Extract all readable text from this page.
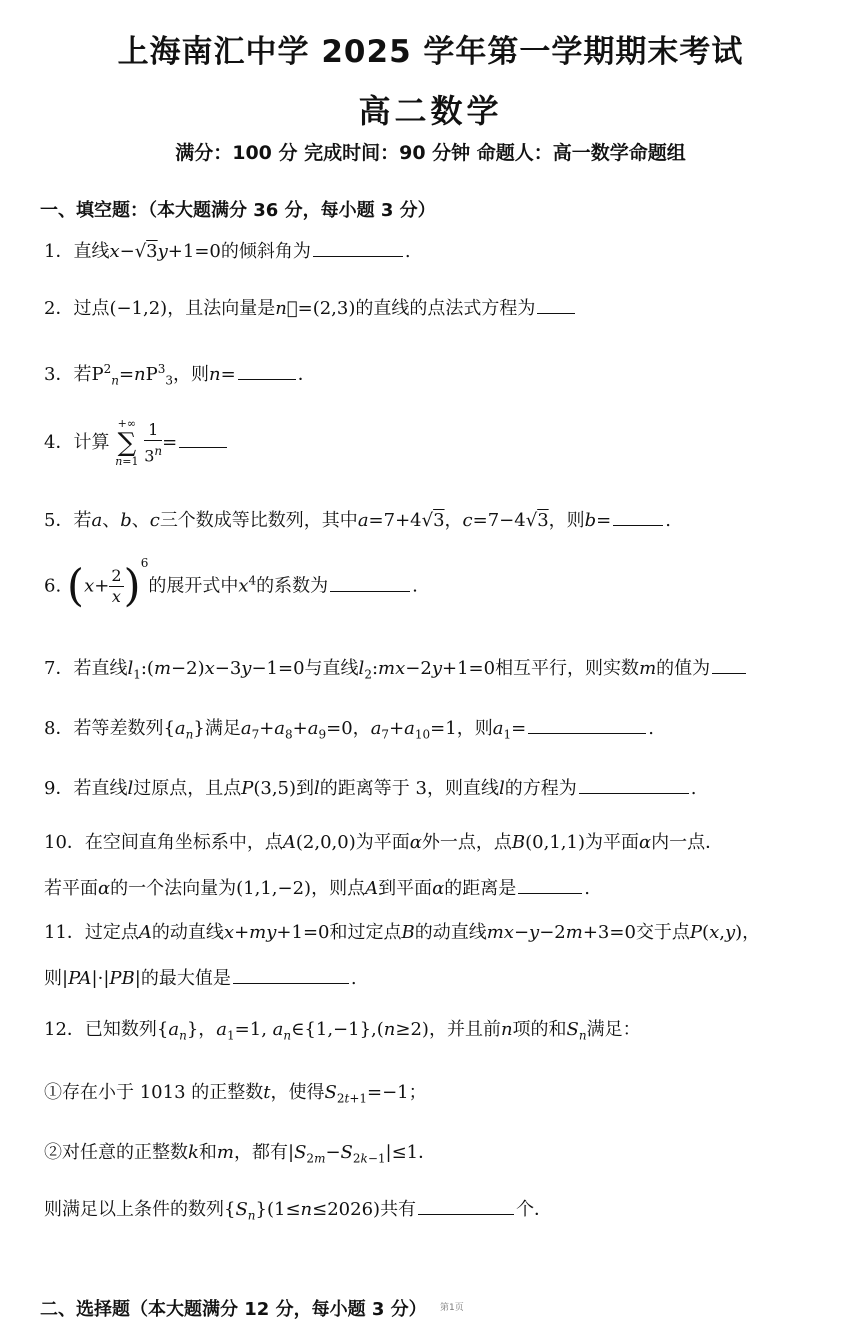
上海南汇中学 2025 学年第一学期期末考试
高二数学
满分：100 分 完成时间：90 分钟 命题人：高一数学命题组
一、填空题：（本大题满分 36 分，每小题 3 分）
1．直线x−√3y+1=0的倾斜角为	.
2．过点(−1,2)，且法向量是n⃗=(2,3)的直线的点法式方程为
3．若$P^2_n=nP^3_3$，则n=	．
4．计算 +∞
∑
$n=1 \frac{1}{3^n}$ =
5．若a、b、c三个数成等比数列，其中a=7+4√3，c=7−4√3，则b=	.
6. $(x+ \frac{2}{x} )^6$的展开式中$x^4$的系数为	.
7．若直线$l_1:(m-2)x-3y-1=0$与直线$l_2:mx-2y+1=0$相互平行，则实数m的值为
8．若等差数列$\{a_n\}$满足$a_7+a_8+a_9=0$，$a_7+a_{10}=1$，则$a_1=$	.
9．若直线l过原点，且点P(3,5)到l的距离等于 3，则直线l的方程为	.
10．在空间直角坐标系中，点A(2,0,0)为平面α外一点，点B(0,1,1)为平面α内一点．
若平面α的一个法向量为(1,1,−2)，则点A到平面α的距离是	.
11．过定点A的动直线x+my+1=0和过定点B的动直线mx−y−2m+3=0交于点P(x,y)，
则|PA|·|PB|的最大值是	.
12．已知数列$\{a_n\}$，$a_1=1$, $a_n\in\{1,-1\},(n\ge 2)$，并且前n项的和$S_n$满足：
①存在小于 1013 的正整数t，使得$S_{2t+1}=-1$；
②对任意的正整数k和m，都有$|S_{2m}-S_{2k-1}|\le 1$．
则满足以上条件的数列$\{S_n\}(1\le n\le 2026)$共有	个．
二、选择题（本大题满分 12 分，每小题 3 分） 第1页
